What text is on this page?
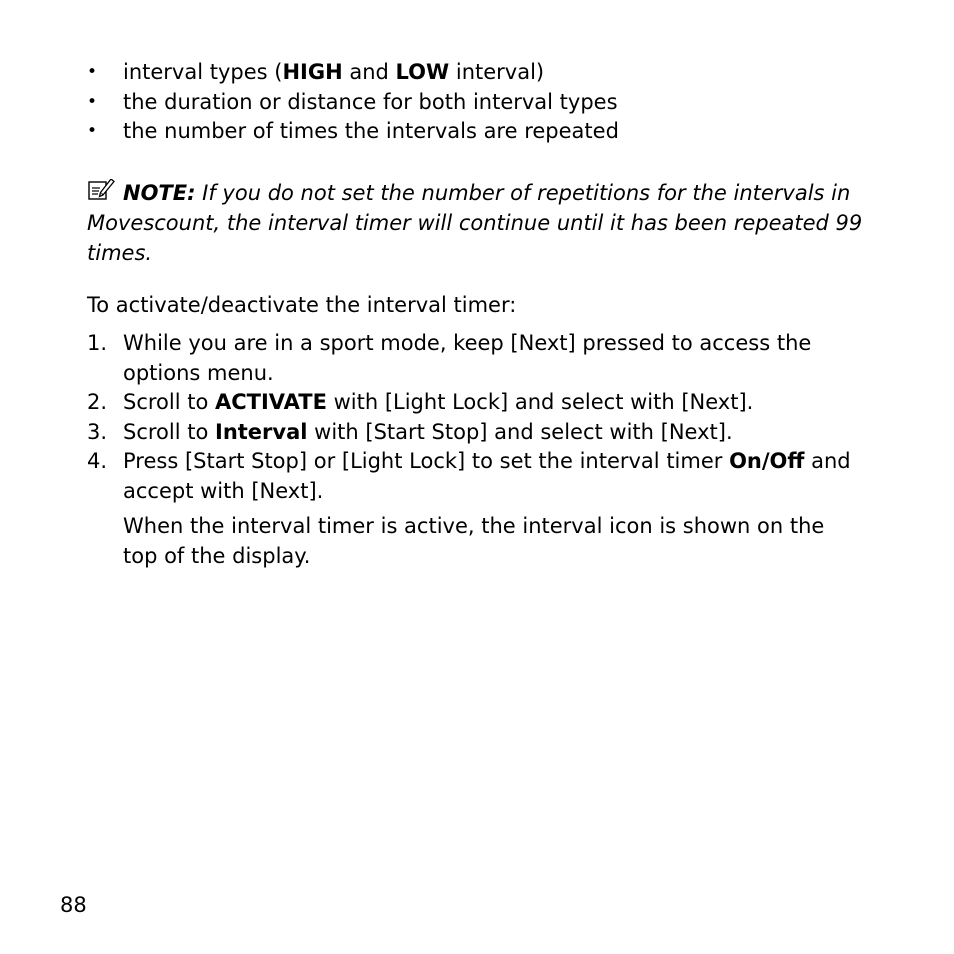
• interval types (HIGH and LOW interval)
• the duration or distance for both interval types
• the number of times the intervals are repeated
NOTE: If you do not set the number of repetitions for the intervals in Movescount, the interval timer will continue until it has been repeated 99 times.
To activate/deactivate the interval timer:
1. While you are in a sport mode, keep [Next] pressed to access the options menu.
2. Scroll to ACTIVATE with [Light Lock] and select with [Next].
3. Scroll to Interval with [Start Stop] and select with [Next].
4. Press [Start Stop] or [Light Lock] to set the interval timer On/Off and accept with [Next].
When the interval timer is active, the interval icon is shown on the top of the display.
88
